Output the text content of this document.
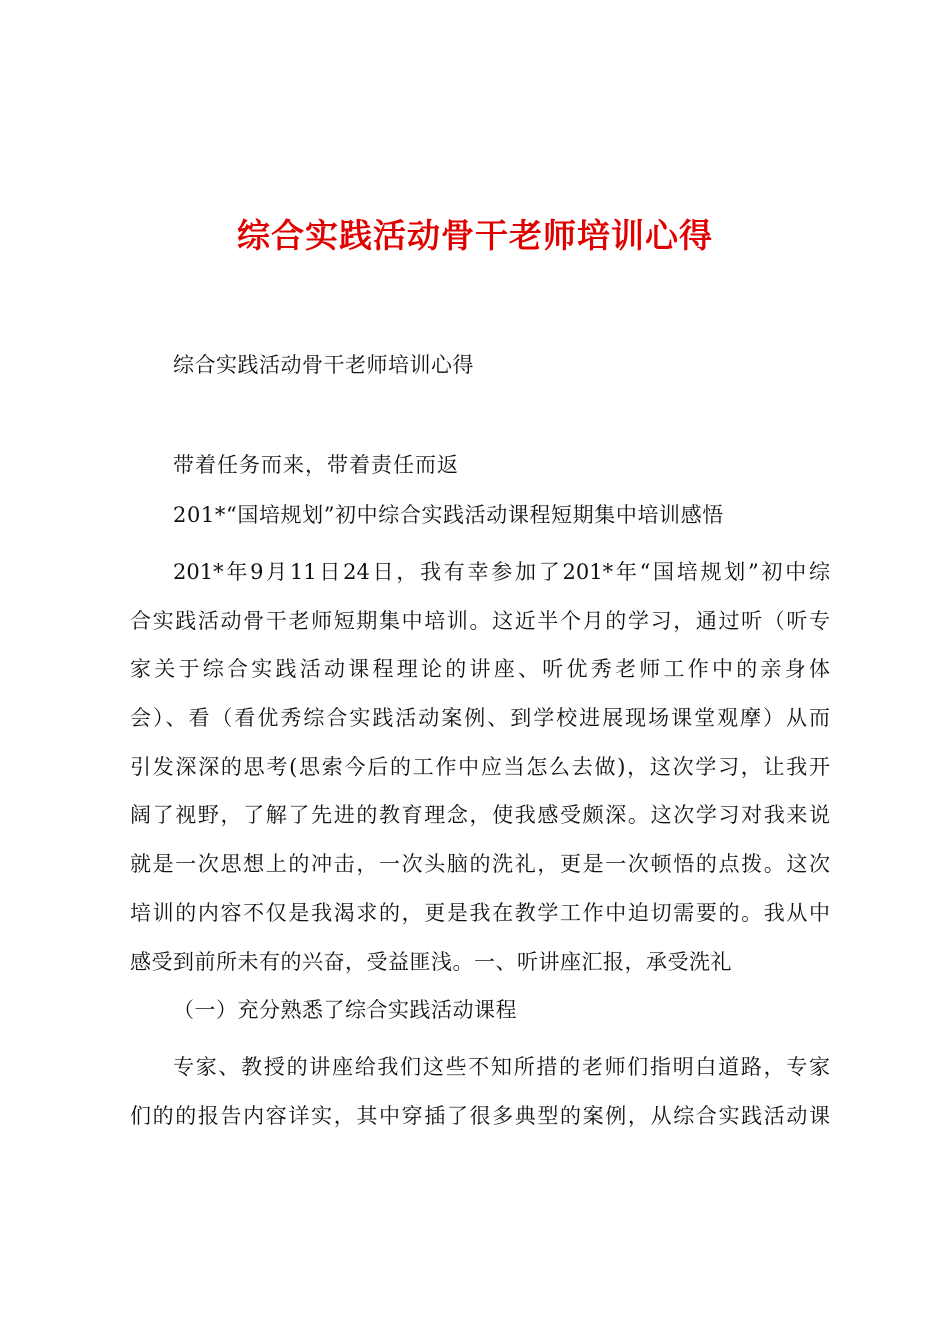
综合实践活动骨干老师培训心得

综合实践活动骨干老师培训心得

带着任务而来，带着责任而返

201*“国培规划”初中综合实践活动课程短期集中培训感悟

201*年9月11日24日，我有幸参加了201*年“国培规划”初中综
合实践活动骨干老师短期集中培训。这近半个月的学习，通过听（听专
家关于综合实践活动课程理论的讲座、听优秀老师工作中的亲身体
会）、看（看优秀综合实践活动案例、到学校进展现场课堂观摩）从而
引发深深的思考(思索今后的工作中应当怎么去做)，这次学习，让我开
阔了视野，了解了先进的教育理念，使我感受颇深。这次学习对我来说
就是一次思想上的冲击，一次头脑的洗礼，更是一次顿悟的点拨。这次
培训的内容不仅是我渴求的，更是我在教学工作中迫切需要的。我从中
感受到前所未有的兴奋，受益匪浅。一、听讲座汇报，承受洗礼

（一）充分熟悉了综合实践活动课程

专家、教授的讲座给我们这些不知所措的老师们指明白道路，专家
们的的报告内容详实，其中穿插了很多典型的案例，从综合实践活动课
